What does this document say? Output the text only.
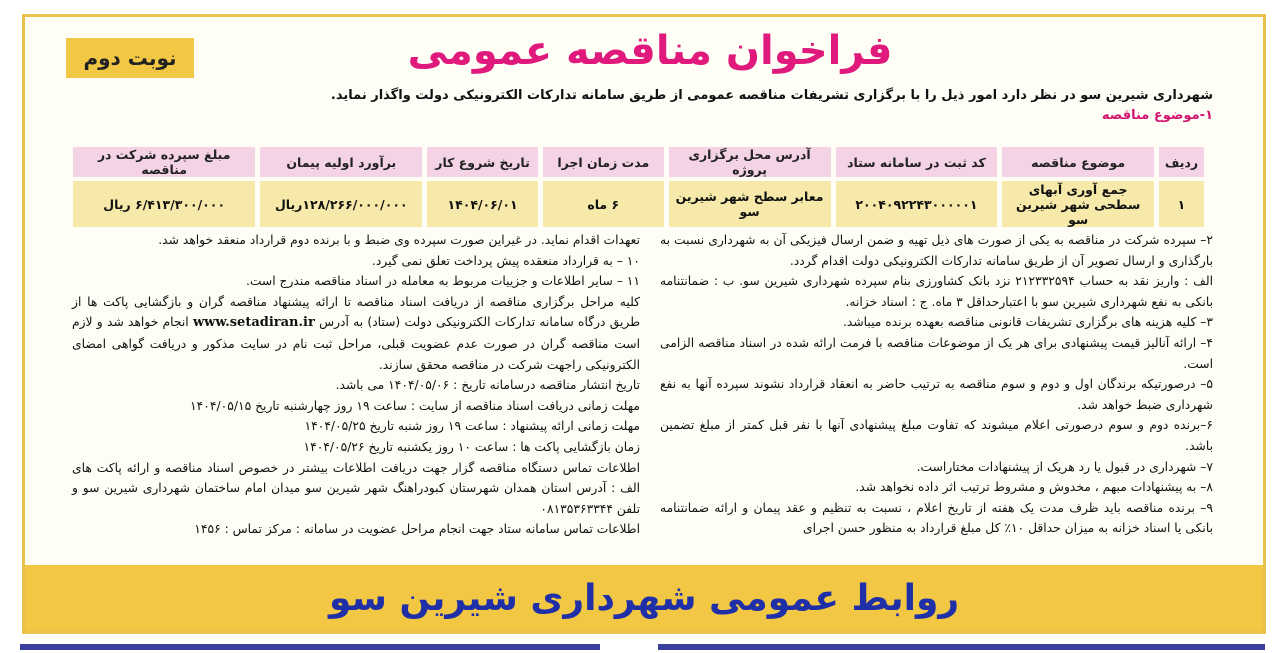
نوبت دوم	فراخوان مناقصه عمومی
شهرداری شیرین سو در نظر دارد امور ذیل را با برگزاری تشریفات مناقصه عمومی از طریق سامانه تدارکات الکترونیکی دولت واگذار نماید.
۱-موضوع مناقصه
ردیف	موضوع مناقصه	کد ثبت در سامانه ستاد	آدرس محل برگزاری پروژه	مدت زمان اجرا	تاریخ شروع کار	برآورد اولیه پیمان	مبلغ سپرده شرکت در مناقصه
۱	جمع آوری آبهای سطحی شهر شیرین سو	۲۰۰۴۰۹۲۲۴۳۰۰۰۰۰۱	معابر سطح شهر شیرین سو	۶ ماه	۱۴۰۴/۰۶/۰۱	۱۲۸/۲۶۶/۰۰۰/۰۰۰ریال	۶/۴۱۳/۳۰۰/۰۰۰ ریال

۲– سپرده شرکت در مناقصه به یکی از صورت های ذیل تهیه و ضمن ارسال فیزیکی آن به شهرداری نسبت به بارگذاری و ارسال تصویر آن از طریق سامانه تدارکات الکترونیکی دولت اقدام گردد.

الف : واریز نقد به حساب ۲۱۲۳۳۲۵۹۴ نزد بانک کشاورزی بنام سپرده شهرداری شیرین سو. ب : ضمانتنامه بانکی به نفع شهرداری شیرین سو با اعتبارحداقل ۳ ماه. ج : اسناد خزانه.

۳– کلیه هزینه های برگزاری تشریفات قانونی مناقصه بعهده برنده میباشد.

۴– ارائه آنالیز قیمت پیشنهادی برای هر یک از موضوعات مناقصه با فرمت ارائه شده در اسناد مناقصه الزامی است.

۵– درصورتیکه برندگان اول و دوم و سوم مناقصه به ترتیب حاضر به انعقاد قرارداد نشوند سپرده آنها به نفع شهرداری ضبط خواهد شد.

۶–برنده دوم و سوم درصورتی اعلام میشوند که تفاوت مبلغ پیشنهادی آنها با نفر قبل کمتر از مبلغ تضمین باشد.

۷– شهرداری در قبول یا رد هریک از پیشنهادات مختاراست.

۸– به پیشنهادات مبهم ، مخدوش و مشروط ترتیب اثر داده نخواهد شد.

۹– برنده مناقصه باید ظرف مدت یک هفته از تاریخ اعلام ، نسبت به تنظیم و عقد پیمان و ارائه ضمانتنامه بانکی یا اسناد خزانه به میزان حداقل ۱۰٪ کل مبلغ قرارداد به منظور حسن اجرای

تعهدات اقدام نماید. در غیراین صورت سپرده وی ضبط و با برنده دوم قرارداد منعقد خواهد شد.

۱۰ – به قرارداد منعقده پیش پرداخت تعلق نمی گیرد.

۱۱ – سایر اطلاعات و جزییات مربوط به معامله در اسناد مناقصه مندرج است.

کلیه مراحل برگزاری مناقصه از دریافت اسناد مناقصه تا ارائه پیشنهاد مناقصه گران و بازگشایی پاکت ها از طریق درگاه سامانه تدارکات الکترونیکی دولت (ستاد) به آدرس www.setadiran.ir انجام خواهد شد و لازم است مناقصه گران در صورت عدم عضویت قبلی، مراحل ثبت نام در سایت مذکور و دریافت گواهی امضای الکترونیکی راجهت شرکت در مناقصه محقق سازند.

تاریخ انتشار مناقصه درسامانه تاریخ : ۱۴۰۴/۰۵/۰۶ می باشد.

مهلت زمانی دریافت اسناد مناقصه از سایت : ساعت ۱۹ روز چهارشنبه تاریخ ۱۴۰۴/۰۵/۱۵

مهلت زمانی ارائه پیشنهاد : ساعت ۱۹ روز شنبه تاریخ ۱۴۰۴/۰۵/۲۵

زمان بازگشایی پاکت ها : ساعت ۱۰ روز یکشنبه تاریخ ۱۴۰۴/۰۵/۲۶

اطلاعات تماس دستگاه مناقصه گزار جهت دریافت اطلاعات بیشتر در خصوص اسناد مناقصه و ارائه پاکت های الف : آدرس استان همدان شهرستان کبودراهنگ شهر شیرین سو میدان امام ساختمان شهرداری شیرین سو و تلفن ۰۸۱۳۵۳۶۳۳۴۴

اطلاعات تماس سامانه ستاد جهت انجام مراحل عضویت در سامانه : مرکز تماس : ۱۴۵۶

روابط عمومی شهرداری شیرین سو
